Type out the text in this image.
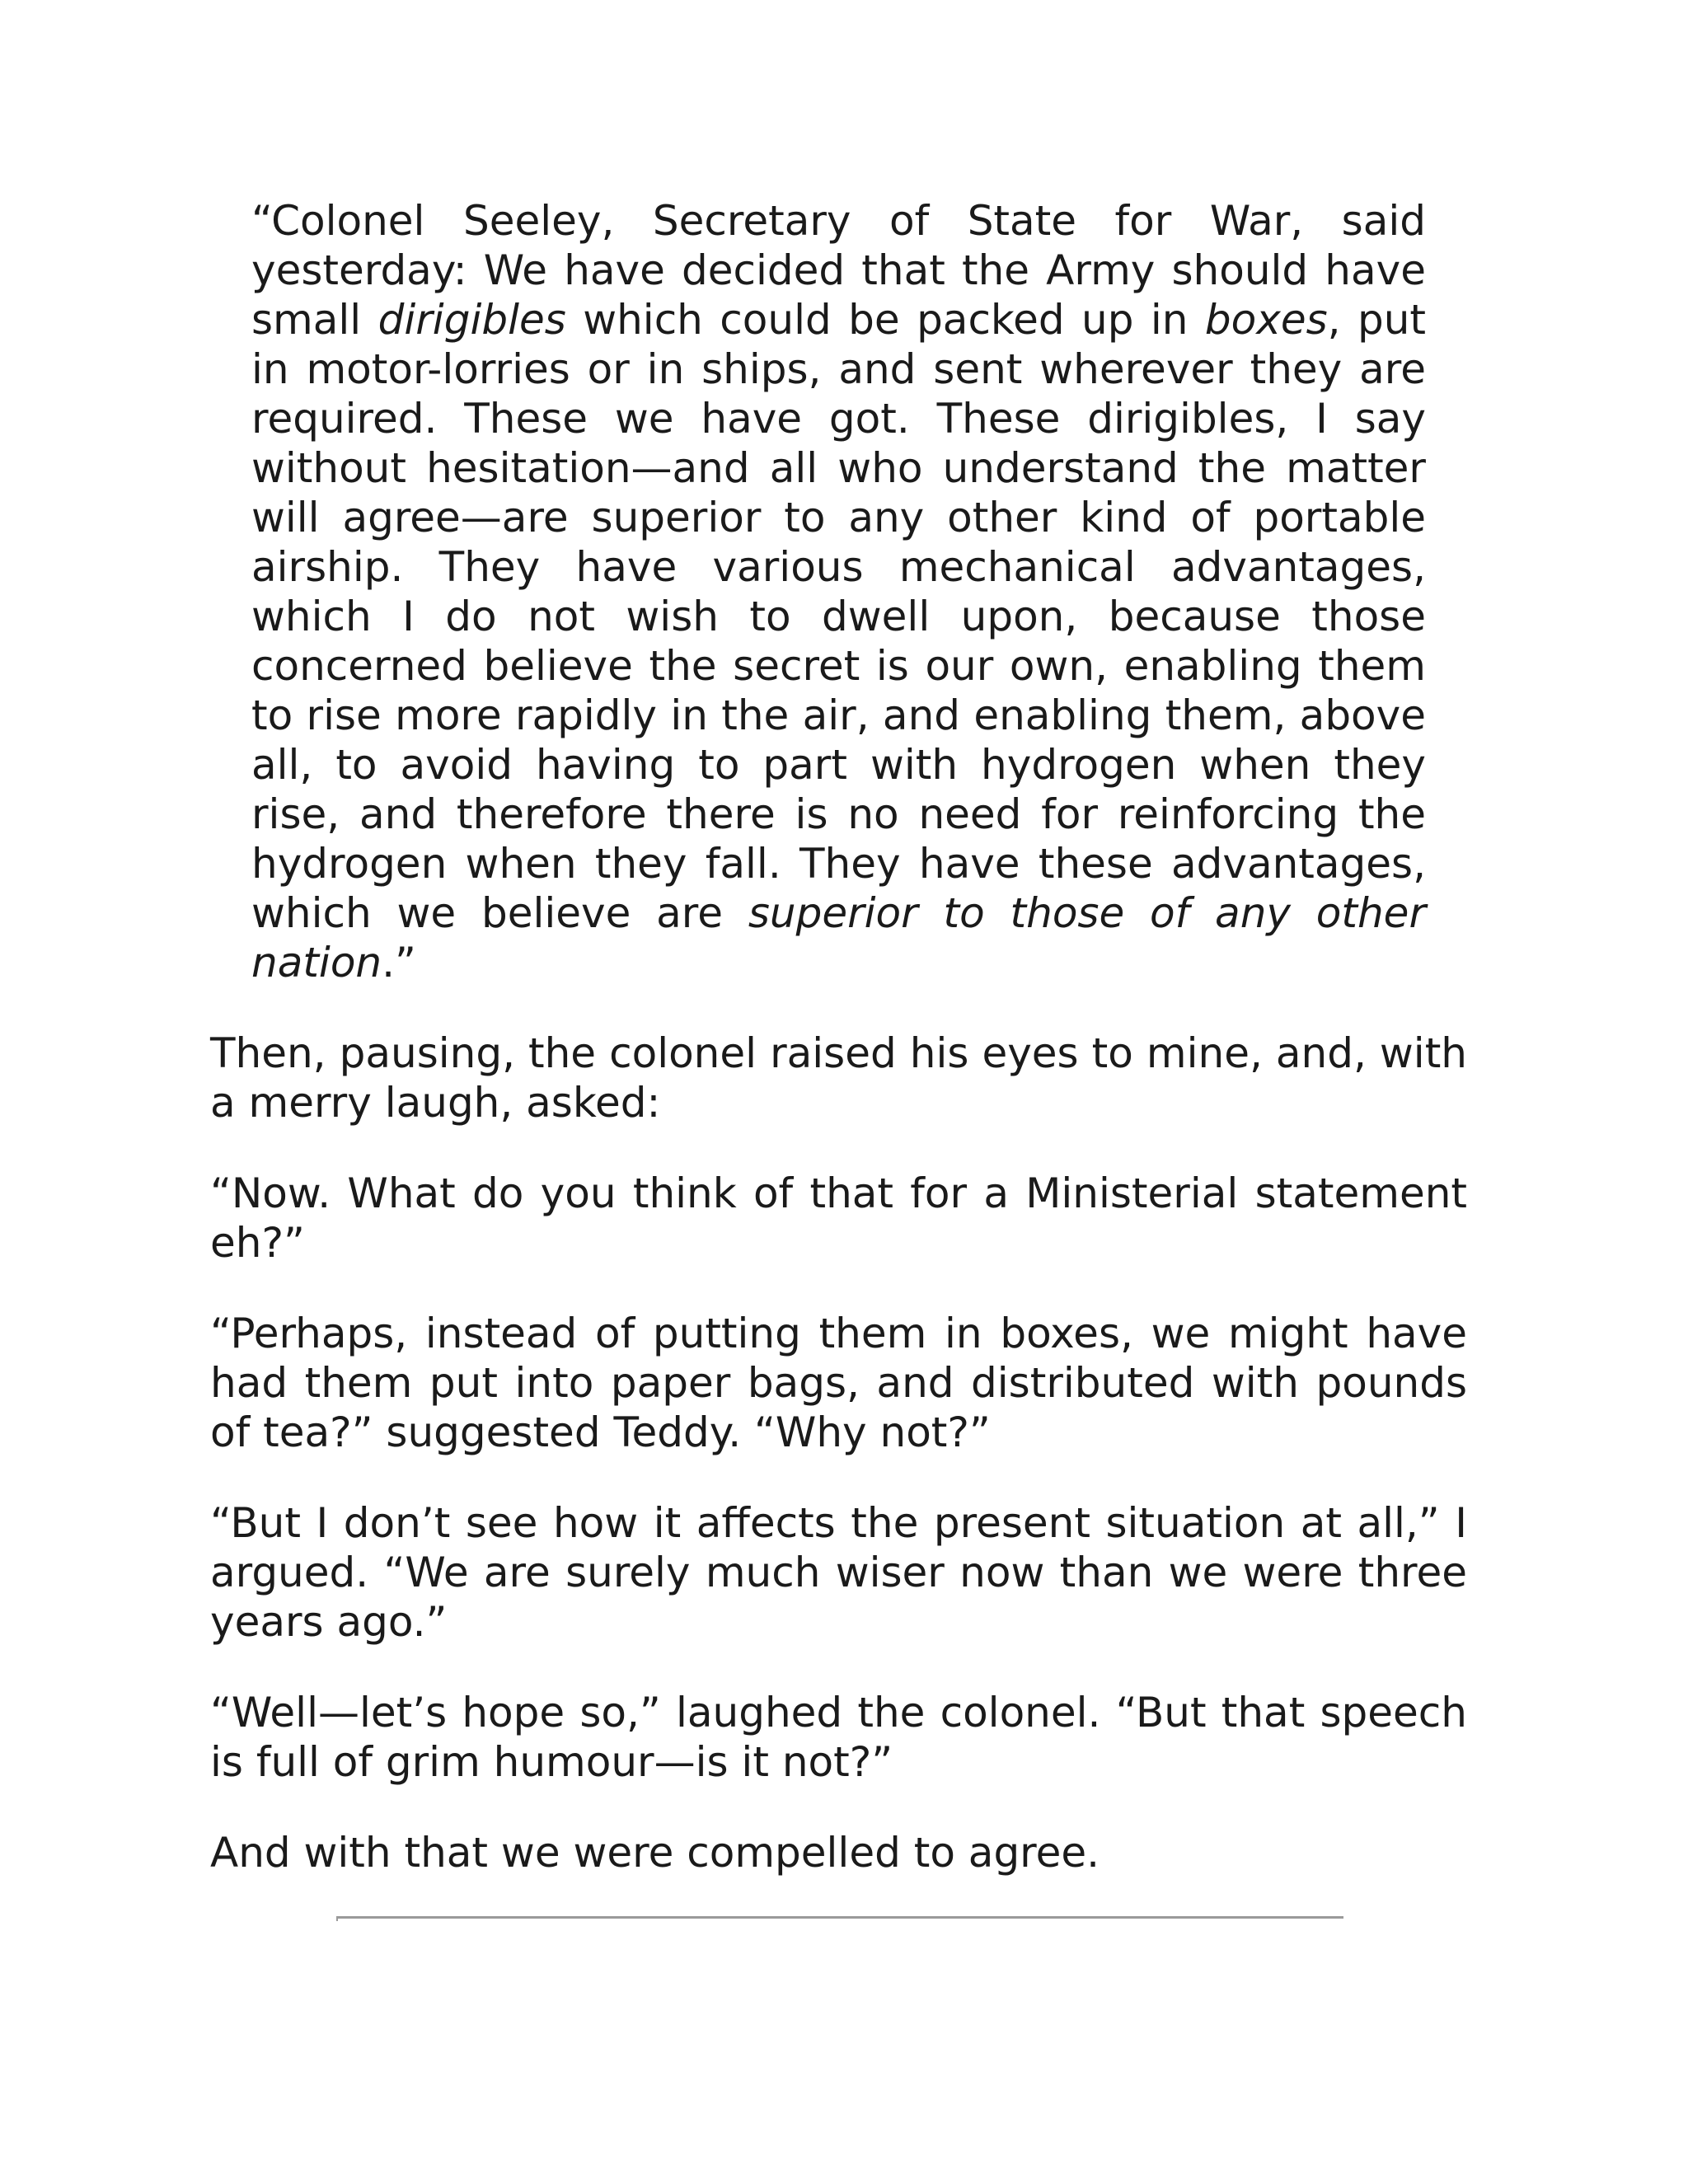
“Colonel Seeley, Secretary of State for War, said yesterday: We have decided that the Army should have small dirigibles which could be packed up in boxes, put in motor-lorries or in ships, and sent wherever they are required. These we have got. These dirigibles, I say without hesitation—and all who understand the matter will agree—are superior to any other kind of portable airship. They have various mechanical advantages, which I do not wish to dwell upon, because those concerned believe the secret is our own, enabling them to rise more rapidly in the air, and enabling them, above all, to avoid having to part with hydrogen when they rise, and therefore there is no need for reinforcing the hydrogen when they fall. They have these advantages, which we believe are superior to those of any other nation.”

Then, pausing, the colonel raised his eyes to mine, and, with a merry laugh, asked:

“Now. What do you think of that for a Ministerial statement eh?”

“Perhaps, instead of putting them in boxes, we might have had them put into paper bags, and distributed with pounds of tea?” suggested Teddy. “Why not?”

“But I don’t see how it affects the present situation at all,” I argued. “We are surely much wiser now than we were three years ago.”

“Well—let’s hope so,” laughed the colonel. “But that speech is full of grim humour—is it not?”

And with that we were compelled to agree.
